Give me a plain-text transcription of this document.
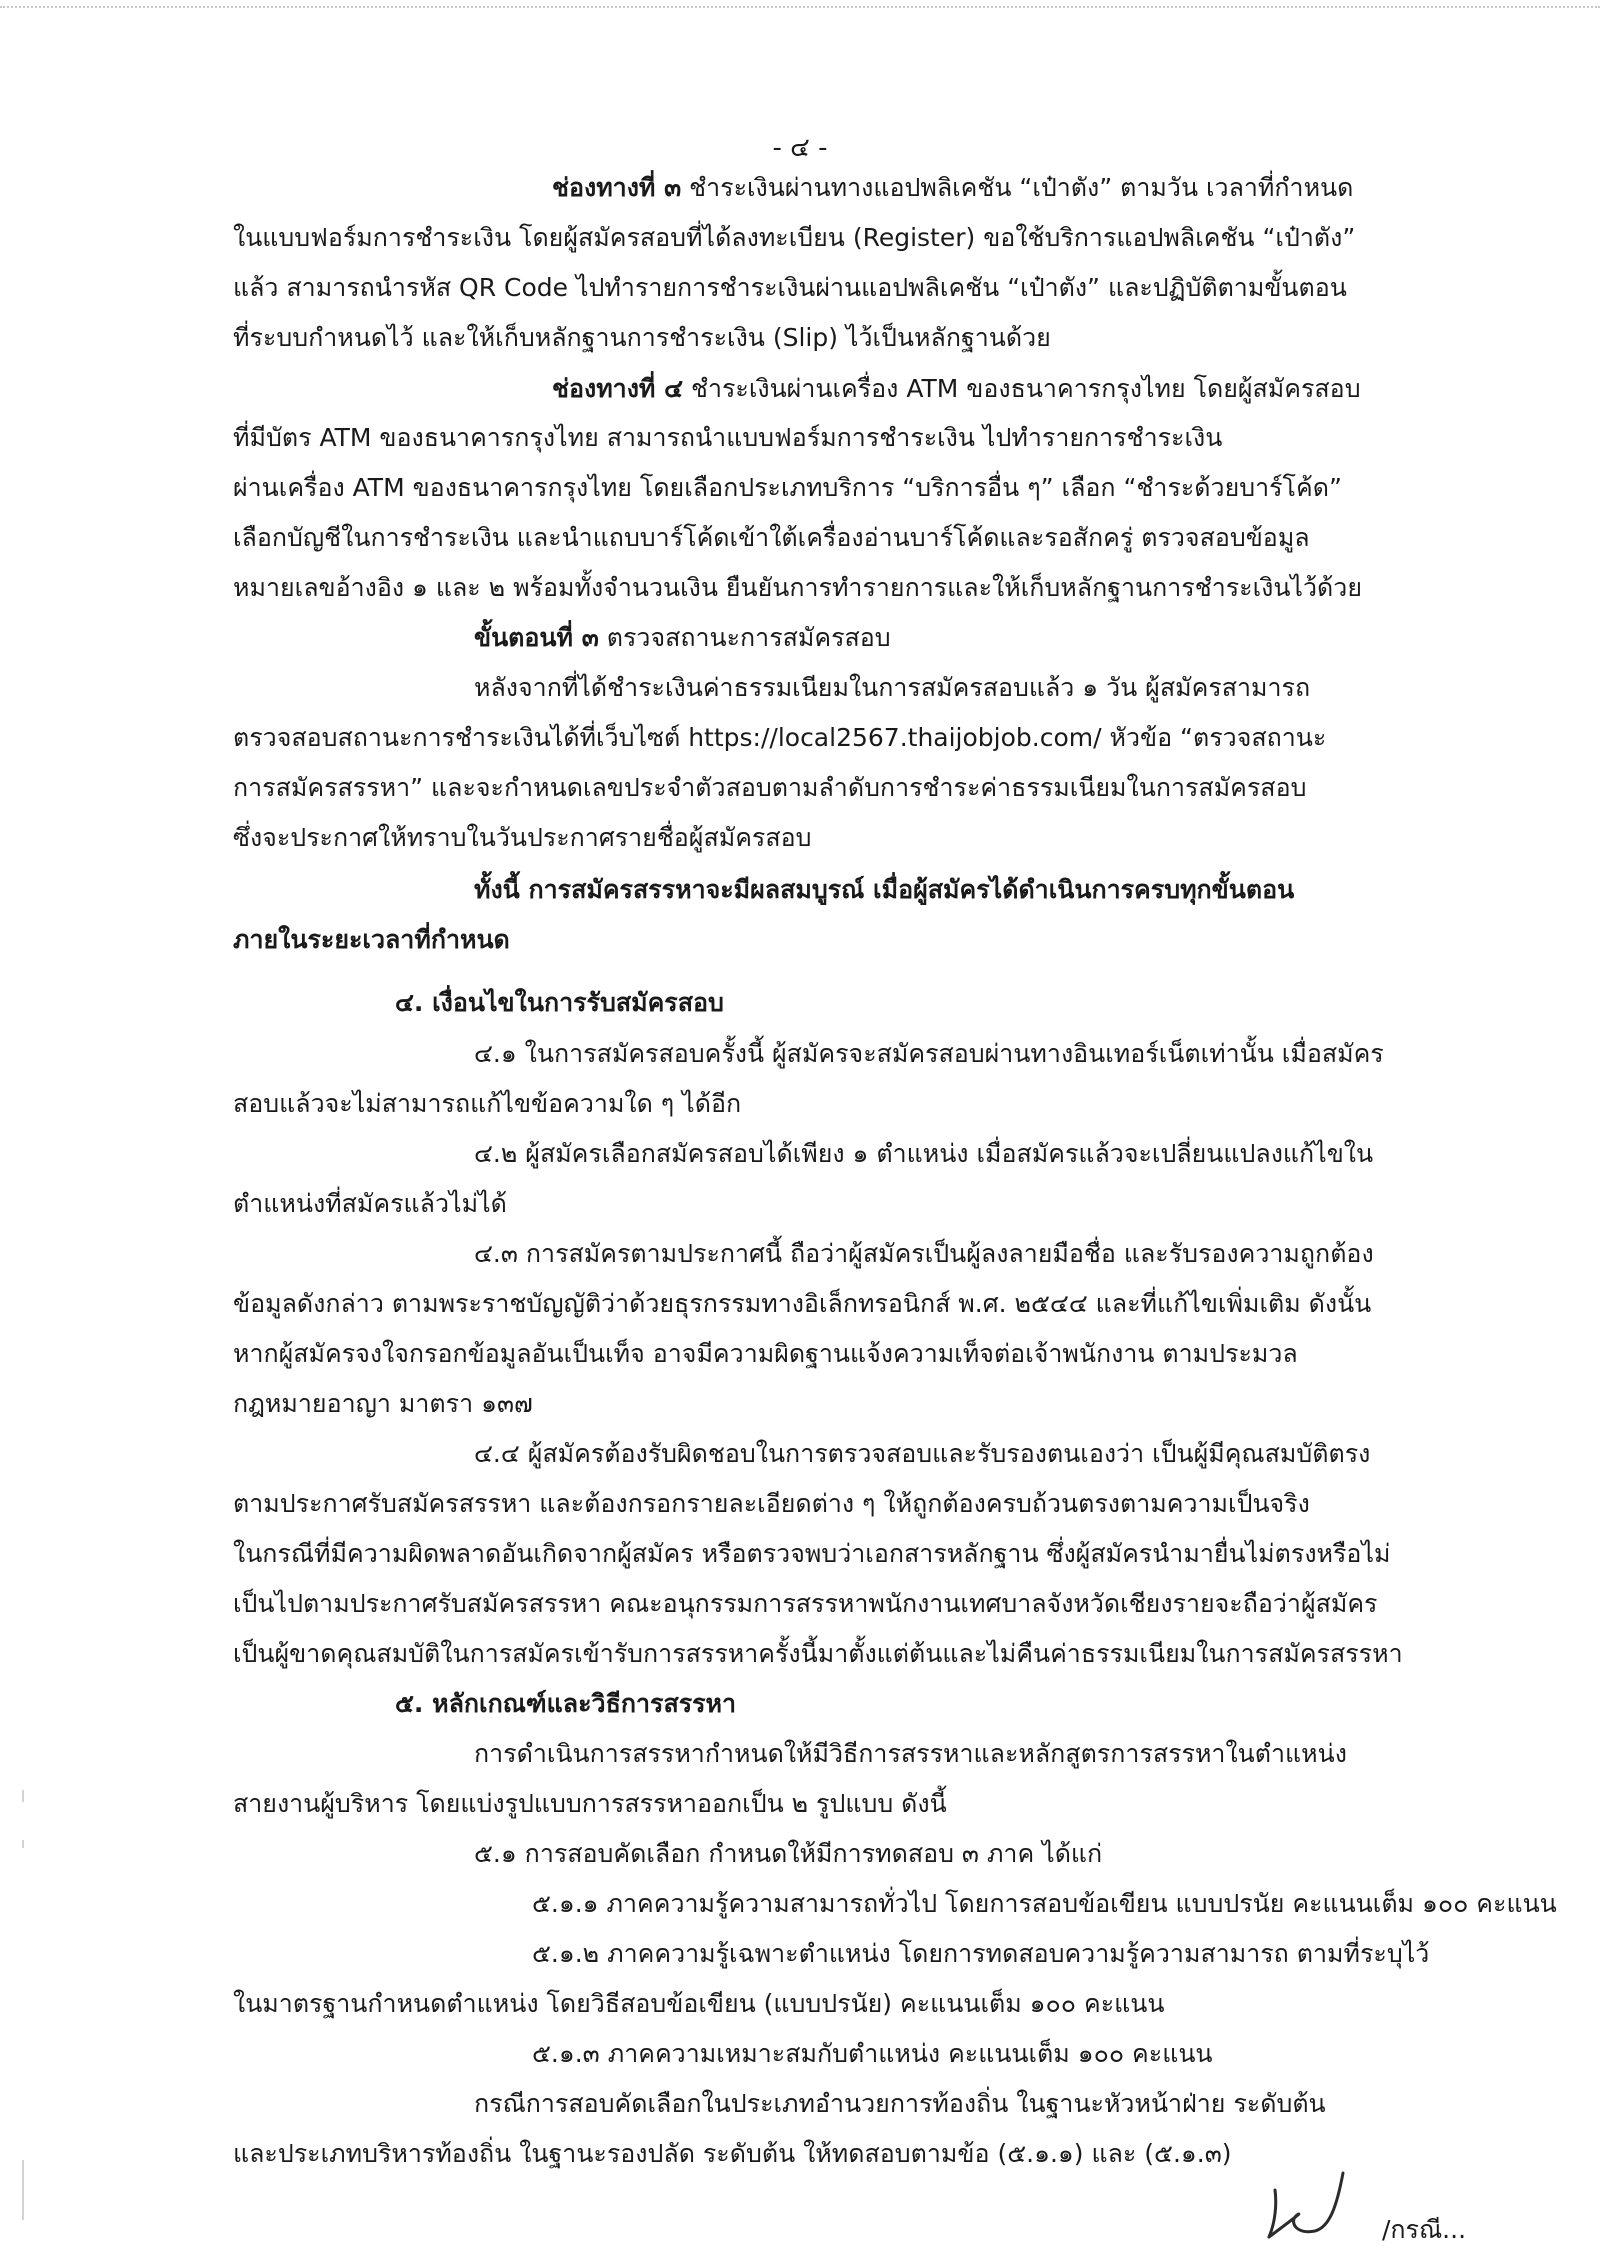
- ๔ -
ช่องทางที่ ๓ ชำระเงินผ่านทางแอปพลิเคชัน “เป๋าตัง” ตามวัน เวลาที่กำหนด
ในแบบฟอร์มการชำระเงิน โดยผู้สมัครสอบที่ได้ลงทะเบียน (Register) ขอใช้บริการแอปพลิเคชัน “เป๋าตัง”
แล้ว สามารถนำรหัส QR Code ไปทำรายการชำระเงินผ่านแอปพลิเคชัน “เป๋าตัง” และปฏิบัติตามขั้นตอน
ที่ระบบกำหนดไว้ และให้เก็บหลักฐานการชำระเงิน (Slip) ไว้เป็นหลักฐานด้วย
ช่องทางที่ ๔ ชำระเงินผ่านเครื่อง ATM ของธนาคารกรุงไทย โดยผู้สมัครสอบ
ที่มีบัตร ATM ของธนาคารกรุงไทย สามารถนำแบบฟอร์มการชำระเงิน ไปทำรายการชำระเงิน
ผ่านเครื่อง ATM ของธนาคารกรุงไทย โดยเลือกประเภทบริการ “บริการอื่น ๆ” เลือก “ชำระด้วยบาร์โค้ด”
เลือกบัญชีในการชำระเงิน และนำแถบบาร์โค้ดเข้าใต้เครื่องอ่านบาร์โค้ดและรอสักครู่ ตรวจสอบข้อมูล
หมายเลขอ้างอิง ๑ และ ๒ พร้อมทั้งจำนวนเงิน ยืนยันการทำรายการและให้เก็บหลักฐานการชำระเงินไว้ด้วย
ขั้นตอนที่ ๓ ตรวจสถานะการสมัครสอบ
หลังจากที่ได้ชำระเงินค่าธรรมเนียมในการสมัครสอบแล้ว ๑ วัน ผู้สมัครสามารถ
ตรวจสอบสถานะการชำระเงินได้ที่เว็บไซต์ https://local2567.thaijobjob.com/ หัวข้อ “ตรวจสถานะ
การสมัครสรรหา” และจะกำหนดเลขประจำตัวสอบตามลำดับการชำระค่าธรรมเนียมในการสมัครสอบ
ซึ่งจะประกาศให้ทราบในวันประกาศรายชื่อผู้สมัครสอบ
ทั้งนี้ การสมัครสรรหาจะมีผลสมบูรณ์ เมื่อผู้สมัครได้ดำเนินการครบทุกขั้นตอน
ภายในระยะเวลาที่กำหนด
๔. เงื่อนไขในการรับสมัครสอบ
๔.๑ ในการสมัครสอบครั้งนี้ ผู้สมัครจะสมัครสอบผ่านทางอินเทอร์เน็ตเท่านั้น เมื่อสมัคร
สอบแล้วจะไม่สามารถแก้ไขข้อความใด ๆ ได้อีก
๔.๒ ผู้สมัครเลือกสมัครสอบได้เพียง ๑ ตำแหน่ง เมื่อสมัครแล้วจะเปลี่ยนแปลงแก้ไขใน
ตำแหน่งที่สมัครแล้วไม่ได้
๔.๓ การสมัครตามประกาศนี้ ถือว่าผู้สมัครเป็นผู้ลงลายมือชื่อ และรับรองความถูกต้อง
ข้อมูลดังกล่าว ตามพระราชบัญญัติว่าด้วยธุรกรรมทางอิเล็กทรอนิกส์ พ.ศ. ๒๕๔๔ และที่แก้ไขเพิ่มเติม ดังนั้น
หากผู้สมัครจงใจกรอกข้อมูลอันเป็นเท็จ อาจมีความผิดฐานแจ้งความเท็จต่อเจ้าพนักงาน ตามประมวล
กฎหมายอาญา มาตรา ๑๓๗
๔.๔ ผู้สมัครต้องรับผิดชอบในการตรวจสอบและรับรองตนเองว่า เป็นผู้มีคุณสมบัติตรง
ตามประกาศรับสมัครสรรหา และต้องกรอกรายละเอียดต่าง ๆ ให้ถูกต้องครบถ้วนตรงตามความเป็นจริง
ในกรณีที่มีความผิดพลาดอันเกิดจากผู้สมัคร หรือตรวจพบว่าเอกสารหลักฐาน ซึ่งผู้สมัครนำมายื่นไม่ตรงหรือไม่
เป็นไปตามประกาศรับสมัครสรรหา คณะอนุกรรมการสรรหาพนักงานเทศบาลจังหวัดเชียงรายจะถือว่าผู้สมัคร
เป็นผู้ขาดคุณสมบัติในการสมัครเข้ารับการสรรหาครั้งนี้มาตั้งแต่ต้นและไม่คืนค่าธรรมเนียมในการสมัครสรรหา
๕. หลักเกณฑ์และวิธีการสรรหา
การดำเนินการสรรหากำหนดให้มีวิธีการสรรหาและหลักสูตรการสรรหาในตำแหน่ง
สายงานผู้บริหาร โดยแบ่งรูปแบบการสรรหาออกเป็น ๒ รูปแบบ ดังนี้
๕.๑ การสอบคัดเลือก กำหนดให้มีการทดสอบ ๓ ภาค ได้แก่
๕.๑.๑ ภาคความรู้ความสามารถทั่วไป โดยการสอบข้อเขียน แบบปรนัย คะแนนเต็ม ๑๐๐ คะแนน
๕.๑.๒ ภาคความรู้เฉพาะตำแหน่ง โดยการทดสอบความรู้ความสามารถ ตามที่ระบุไว้
ในมาตรฐานกำหนดตำแหน่ง โดยวิธีสอบข้อเขียน (แบบปรนัย) คะแนนเต็ม ๑๐๐ คะแนน
๕.๑.๓ ภาคความเหมาะสมกับตำแหน่ง คะแนนเต็ม ๑๐๐ คะแนน
กรณีการสอบคัดเลือกในประเภทอำนวยการท้องถิ่น ในฐานะหัวหน้าฝ่าย ระดับต้น
และประเภทบริหารท้องถิ่น ในฐานะรองปลัด ระดับต้น ให้ทดสอบตามข้อ (๕.๑.๑) และ (๕.๑.๓)
/กรณี...
